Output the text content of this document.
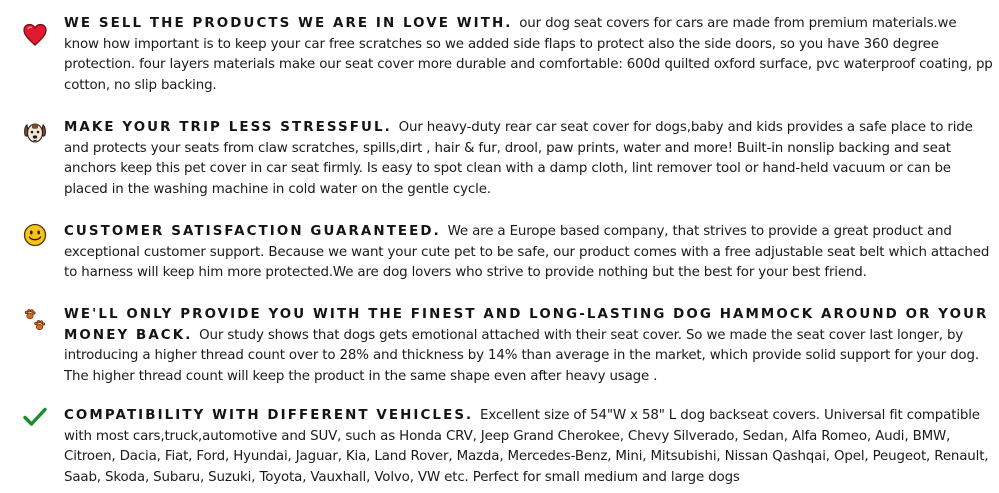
WE SELL THE PRODUCTS WE ARE IN LOVE WITH. our dog seat covers for cars are made from premium materials.we know how important is to keep your car free scratches so we added side flaps to protect also the side doors, so you have 360 degree protection. four layers materials make our seat cover more durable and comfortable: 600d quilted oxford surface, pvc waterproof coating, pp cotton, no slip backing.
MAKE YOUR TRIP LESS STRESSFUL. Our heavy-duty rear car seat cover for dogs,baby and kids provides a safe place to ride and protects your seats from claw scratches, spills,dirt , hair & fur, drool, paw prints, water and more! Built-in nonslip backing and seat anchors keep this pet cover in car seat firmly. Is easy to spot clean with a damp cloth, lint remover tool or hand-held vacuum or can be placed in the washing machine in cold water on the gentle cycle.
CUSTOMER SATISFACTION GUARANTEED. We are a Europe based company, that strives to provide a great product and exceptional customer support. Because we want your cute pet to be safe, our product comes with a free adjustable seat belt which attached to harness will keep him more protected.We are dog lovers who strive to provide nothing but the best for your best friend.
WE'LL ONLY PROVIDE YOU WITH THE FINEST AND LONG-LASTING DOG HAMMOCK AROUND OR YOUR MONEY BACK. Our study shows that dogs gets emotional attached with their seat cover. So we made the seat cover last longer, by introducing a higher thread count over to 28% and thickness by 14% than average in the market, which provide solid support for your dog. The higher thread count will keep the product in the same shape even after heavy usage .
COMPATIBILITY WITH DIFFERENT VEHICLES. Excellent size of 54"W x 58" L dog backseat covers. Universal fit compatible with most cars,truck,automotive and SUV, such as Honda CRV, Jeep Grand Cherokee, Chevy Silverado, Sedan, Alfa Romeo, Audi, BMW, Citroen, Dacia, Fiat, Ford, Hyundai, Jaguar, Kia, Land Rover, Mazda, Mercedes-Benz, Mini, Mitsubishi, Nissan Qashqai, Opel, Peugeot, Renault, Saab, Skoda, Subaru, Suzuki, Toyota, Vauxhall, Volvo, VW etc. Perfect for small medium and large dogs
